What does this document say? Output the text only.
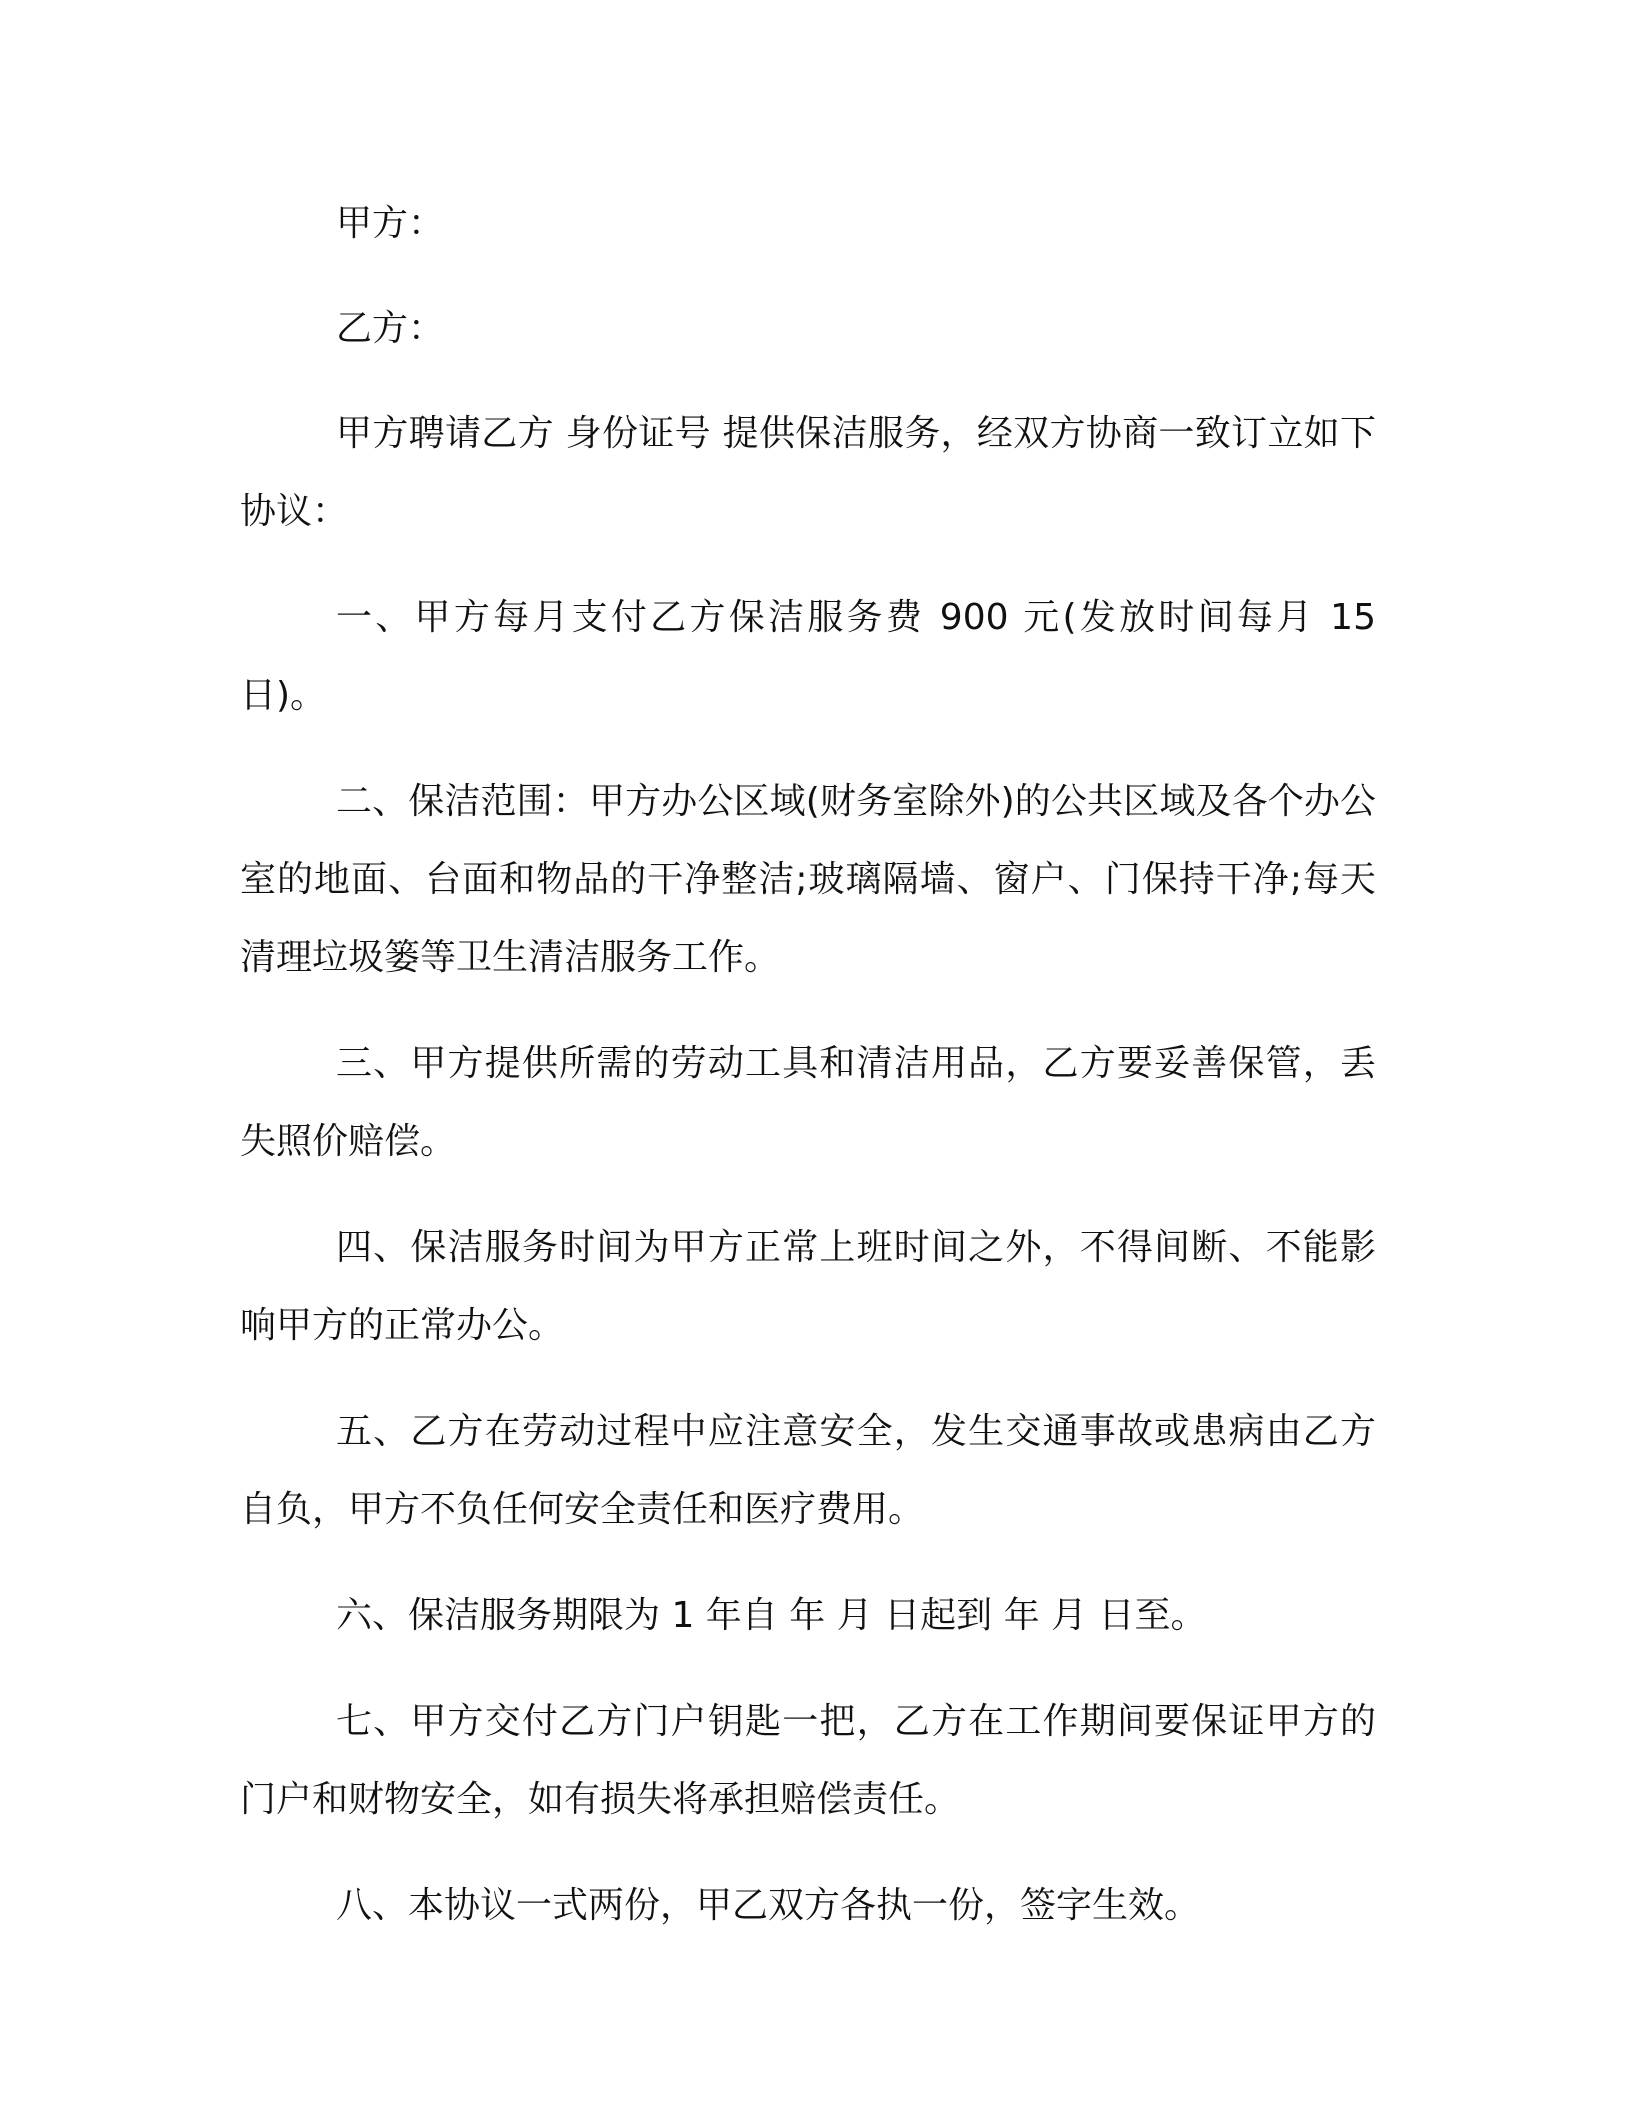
甲方：

乙方：

甲方聘请乙方 身份证号 提供保洁服务，经双方协商一致订立如下协议：

一、甲方每月支付乙方保洁服务费 900 元(发放时间每月 15 日)。

二、保洁范围：甲方办公区域(财务室除外)的公共区域及各个办公室的地面、台面和物品的干净整洁;玻璃隔墙、窗户、门保持干净;每天清理垃圾篓等卫生清洁服务工作。

三、甲方提供所需的劳动工具和清洁用品，乙方要妥善保管，丢失照价赔偿。

四、保洁服务时间为甲方正常上班时间之外，不得间断、不能影响甲方的正常办公。

五、乙方在劳动过程中应注意安全，发生交通事故或患病由乙方自负，甲方不负任何安全责任和医疗费用。

六、保洁服务期限为 1 年自 年 月 日起到 年 月 日至。

七、甲方交付乙方门户钥匙一把，乙方在工作期间要保证甲方的门户和财物安全，如有损失将承担赔偿责任。

八、本协议一式两份，甲乙双方各执一份，签字生效。
